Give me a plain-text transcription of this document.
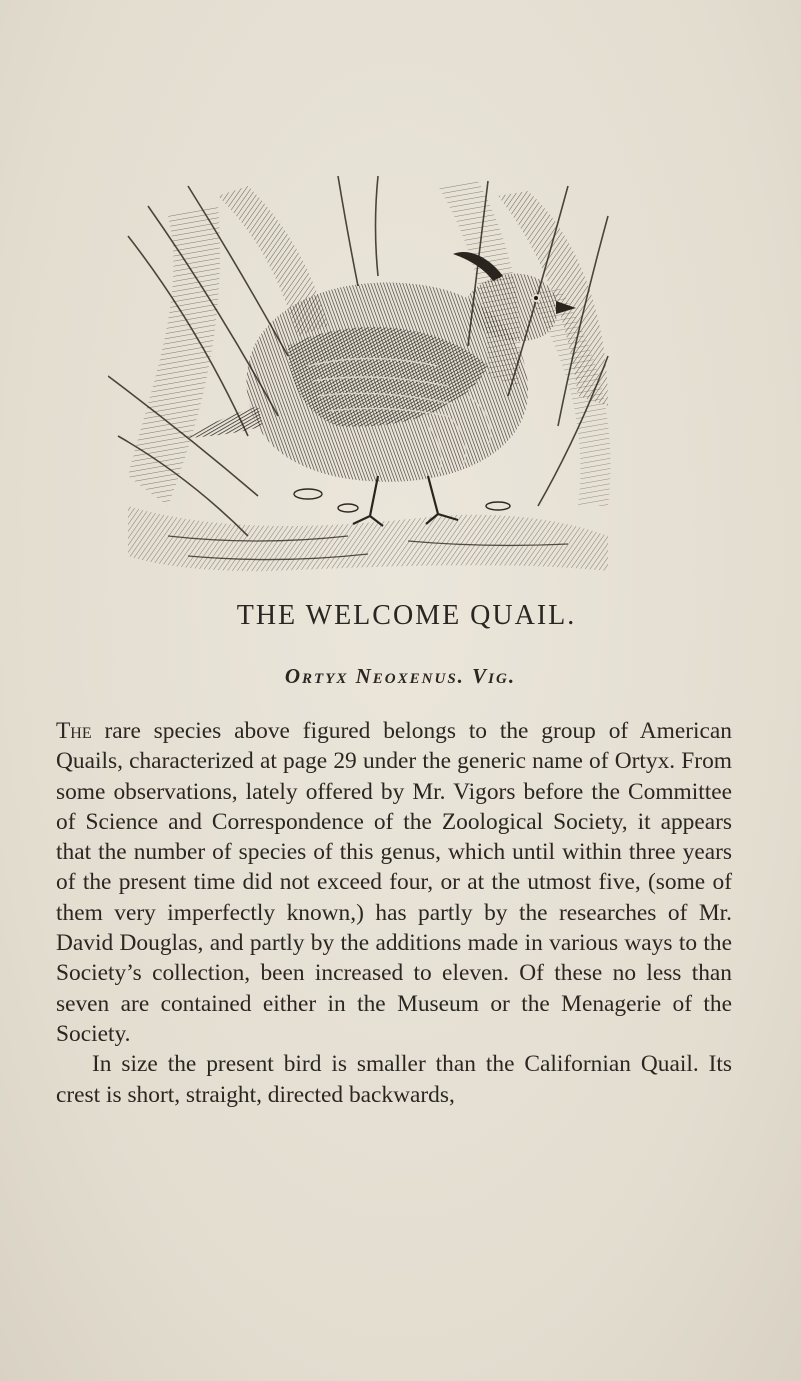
THE WELCOME QUAIL.
Ortyx Neoxenus. Vig.

The rare species above figured belongs to the group of American Quails, characterized at page 29 under the generic name of Ortyx. From some observations, lately offered by Mr. Vigors before the Committee of Science and Correspondence of the Zoological Society, it appears that the number of species of this genus, which until within three years of the present time did not exceed four, or at the utmost five, (some of them very imperfectly known,) has partly by the researches of Mr. David Douglas, and partly by the additions made in various ways to the Society’s collection, been increased to eleven. Of these no less than seven are contained either in the Museum or the Menagerie of the Society.

In size the present bird is smaller than the Californian Quail. Its crest is short, straight, directed backwards,
